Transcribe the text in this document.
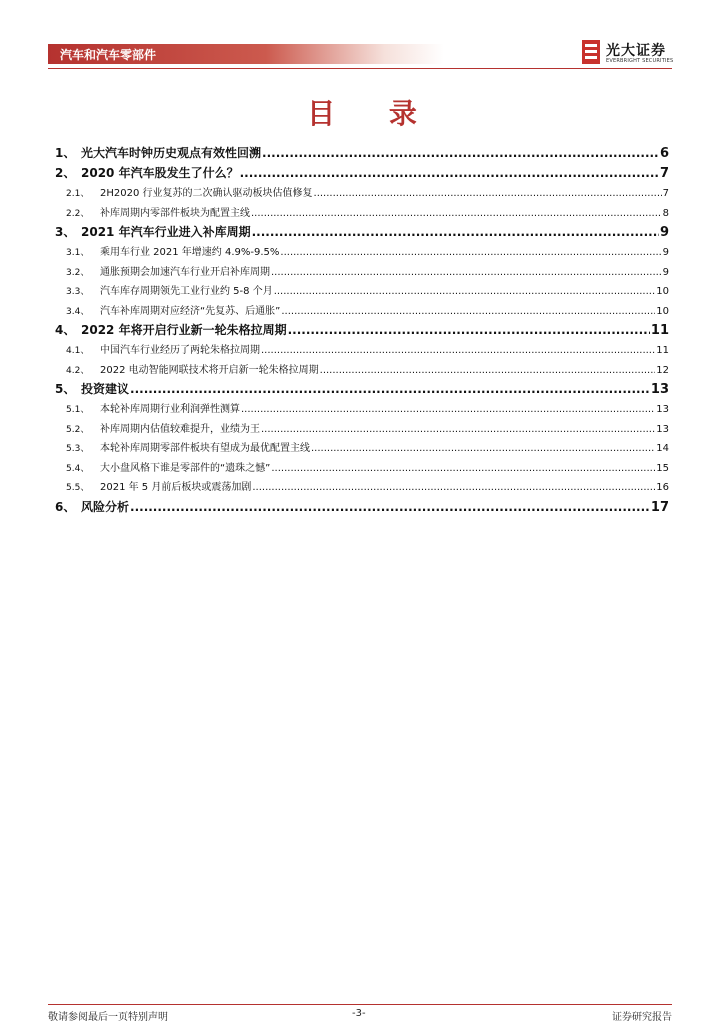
汽车和汽车零部件	光大证券
EVERBRIGHT SECURITIES
目 录
1、 光大汽车时钟历史观点有效性回溯 .....	6
2、 2020 年汽车股发生了什么？ .....	7
2.1、	2H2020 行业复苏的二次确认驱动板块估值修复 .....	7
2.2、	补库周期内零部件板块为配置主线 .....	8
3、 2021 年汽车行业进入补库周期 .....	9
3.1、	乘用车行业 2021 年增速约 4.9%-9.5% .....	9
3.2、	通胀预期会加速汽车行业开启补库周期 .....	9
3.3、	汽车库存周期领先工业行业约 5-8 个月 .....	10
3.4、	汽车补库周期对应经济“先复苏、后通胀” .....	10
4、 2022 年将开启行业新一轮朱格拉周期 .....	11
4.1、	中国汽车行业经历了两轮朱格拉周期 .....	11
4.2、	2022 电动智能网联技术将开启新一轮朱格拉周期 .....	12
5、 投资建议 .....	13
5.1、	本轮补库周期行业利润弹性测算 .....	13
5.2、	补库周期内估值较难提升，业绩为王 .....	13
5.3、	本轮补库周期零部件板块有望成为最优配置主线 .....	14
5.4、	大小盘风格下谁是零部件的“遗珠之憾” .....	15
5.5、	2021 年 5 月前后板块或震荡加剧 .....	16
6、 风险分析 .....	17
敬请参阅最后一页特别声明	-3-	证券研究报告
